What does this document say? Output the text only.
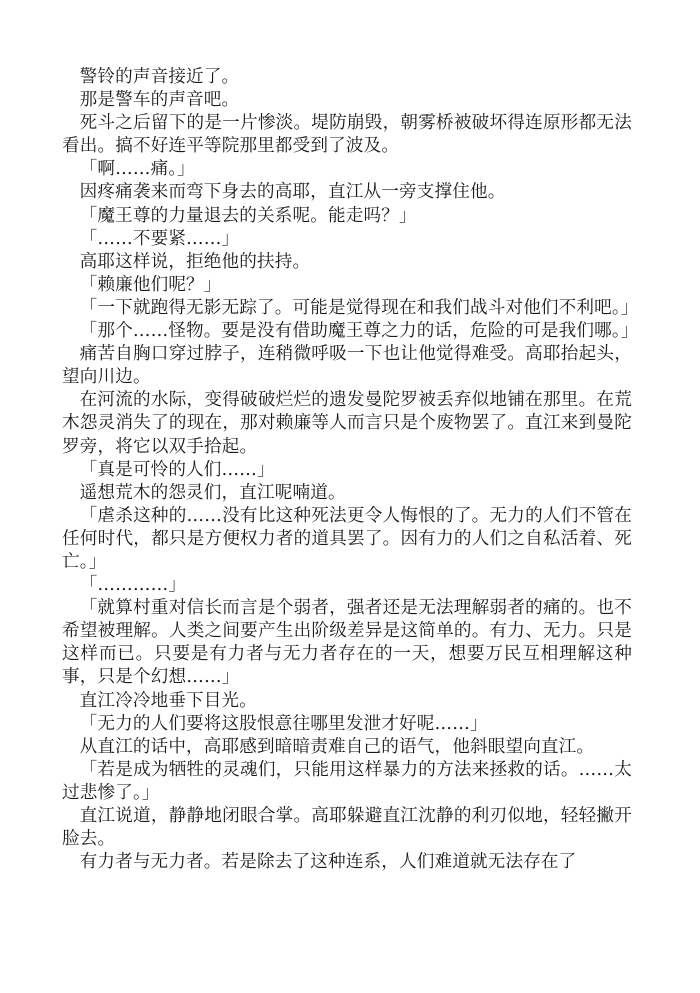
警铃的声音接近了。

那是警车的声音吧。

死斗之后留下的是一片惨淡。堤防崩毁，朝雾桥被破坏得连原形都无法看出。搞不好连平等院那里都受到了波及。

「啊……痛。」

因疼痛袭来而弯下身去的高耶，直江从一旁支撑住他。

「魔王尊的力量退去的关系呢。能走吗？」

「……不要紧……」

高耶这样说，拒绝他的扶持。

「赖廉他们呢？」

「一下就跑得无影无踪了。可能是觉得现在和我们战斗对他们不利吧。」

「那个……怪物。要是没有借助魔王尊之力的话，危险的可是我们哪。」

痛苦自胸口穿过脖子，连稍微呼吸一下也让他觉得难受。高耶抬起头，望向川边。

在河流的水际，变得破破烂烂的遗发曼陀罗被丢弃似地铺在那里。在荒木怨灵消失了的现在，那对赖廉等人而言只是个废物罢了。直江来到曼陀罗旁，将它以双手拾起。

「真是可怜的人们……」

遥想荒木的怨灵们，直江呢喃道。

「虐杀这种的……没有比这种死法更令人悔恨的了。无力的人们不管在任何时代，都只是方便权力者的道具罢了。因有力的人们之自私活着、死亡。」

「…………」

「就算村重对信长而言是个弱者，强者还是无法理解弱者的痛的。也不希望被理解。人类之间要产生出阶级差异是这简单的。有力、无力。只是这样而已。只要是有力者与无力者存在的一天，想要万民互相理解这种事，只是个幻想……」

直江冷冷地垂下目光。

「无力的人们要将这股恨意往哪里发泄才好呢……」

从直江的话中，高耶感到暗暗责难自己的语气，他斜眼望向直江。

「若是成为牺牲的灵魂们，只能用这样暴力的方法来拯救的话。……太过悲惨了。」

直江说道，静静地闭眼合掌。高耶躲避直江沈静的利刃似地，轻轻撇开脸去。

有力者与无力者。若是除去了这种连系，人们难道就无法存在了
